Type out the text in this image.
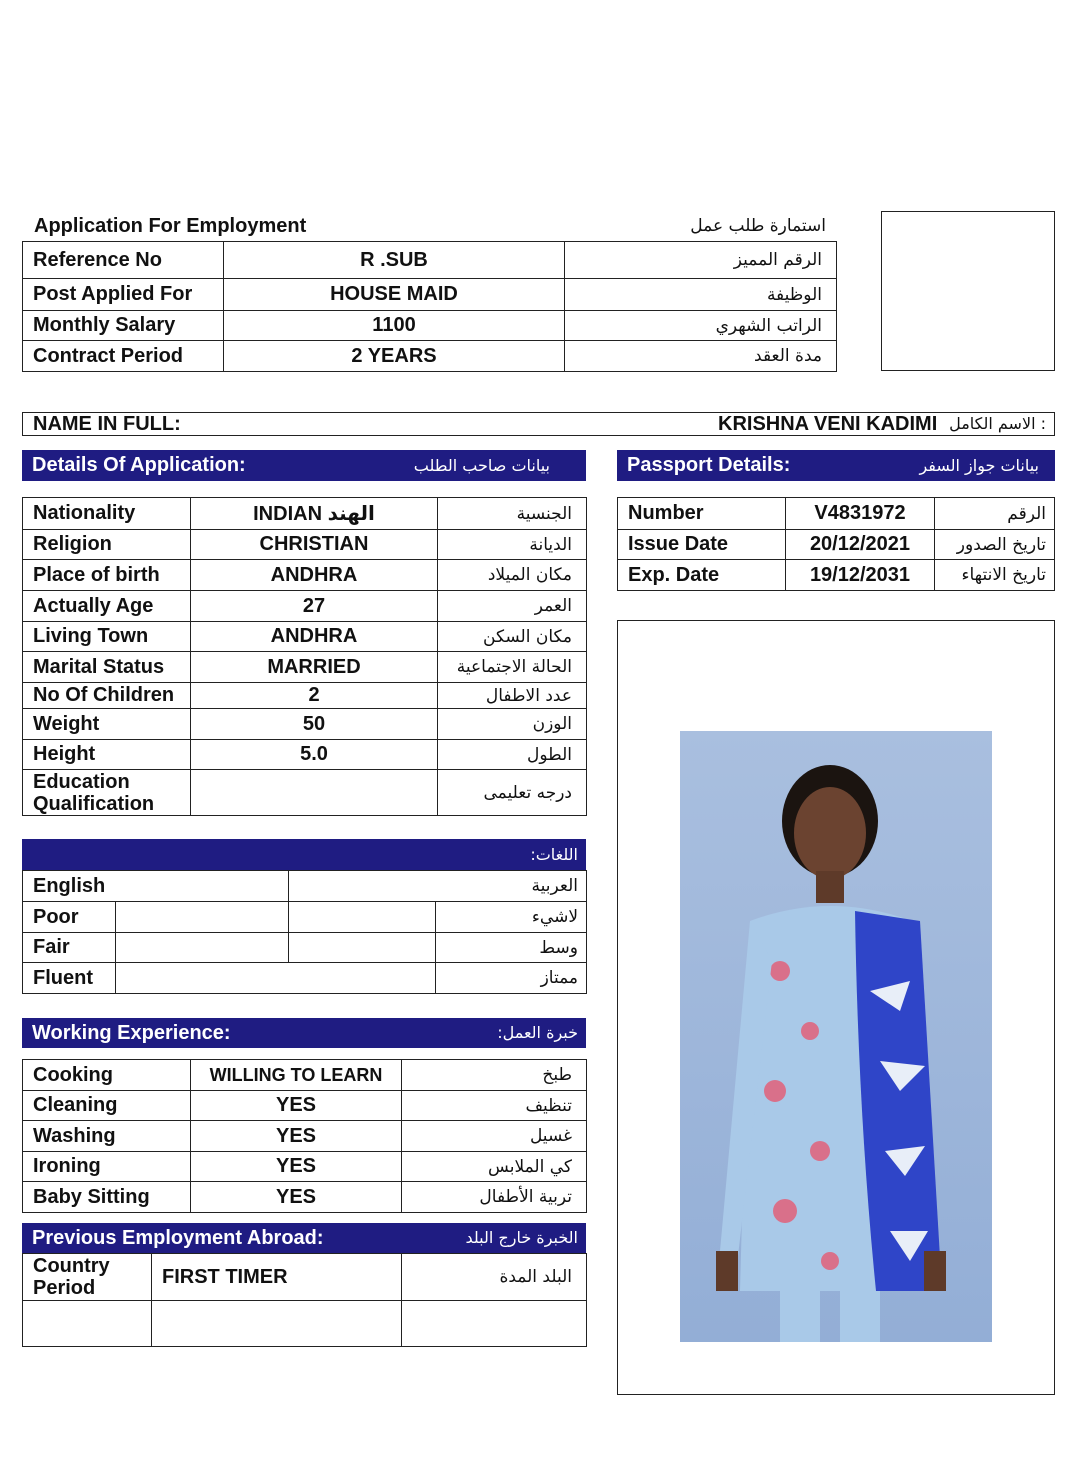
Application For Employment	استمارة طلب عمل
Reference No	R .SUB	الرقم المميز
Post Applied For	HOUSE MAID	الوظيفة
Monthly Salary	1100	الراتب الشهري
Contract Period	2 YEARS	مدة العقد
NAME IN FULL:	KRISHNA VENI KADIMI : الاسم الكامل
Details Of Application:	بيانات صاحب الطلب
Nationality	INDIAN الهند	الجنسية
Religion	CHRISTIAN	الديانة
Place of birth	ANDHRA	مكان الميلاد
Actually Age	27	العمر
Living Town	ANDHRA	مكان السكن
Marital Status	MARRIED	الحالة الاجتماعية
No Of Children	2	عدد الاطفال
Weight	50	الوزن
Height	5.0	الطول
Education Qualification		درجه تعليمى
Passport Details:	بيانات جواز السفر
Number	V4831972	الرقم
Issue Date	20/12/2021	تاريخ الصدور
Exp. Date	19/12/2031	تاريخ الانتهاء
اللغات:
English		العربية	
Poor			لاشيء
Fair			وسط
Fluent			ممتاز
Working Experience:	خبرة العمل:
Cooking	WILLING TO LEARN	طبخ
Cleaning	YES	تنظيف
Washing	YES	غسيل
Ironing	YES	كي الملابس
Baby Sitting	YES	تربية الأطفال
Previous Employment Abroad:	الخبرة خارج البلد
Country Period	FIRST TIMER	البلد المدة
